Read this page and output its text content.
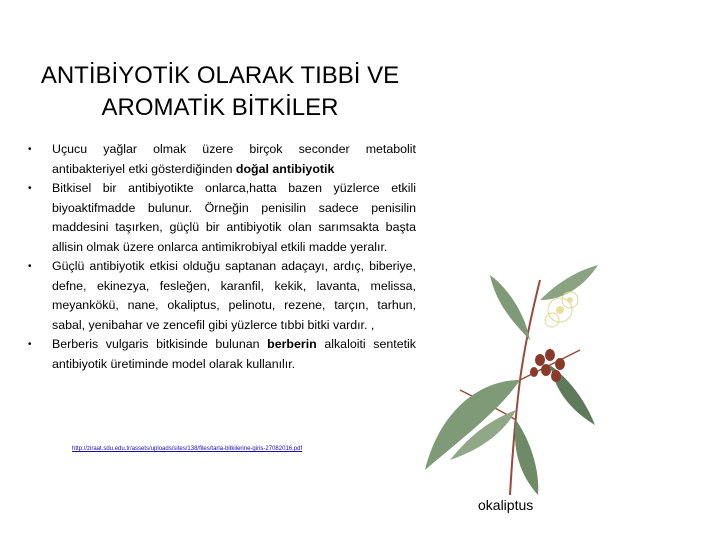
ANTİBİYOTİK OLARAK TIBBİ VE
AROMATİK BİTKİLER
• Uçucu yağlar olmak üzere birçok seconder metabolit antibakteriyel etki gösterdiğinden doğal antibiyotik
• Bitkisel bir antibiyotikte onlarca,hatta bazen yüzlerce etkili biyoaktifmadde bulunur. Örneğin penisilin sadece penisilin maddesini taşırken, güçlü bir antibiyotik olan sarımsakta başta allisin olmak üzere onlarca antimikrobiyal etkili madde yeralır.
• Güçlü antibiyotik etkisi olduğu saptanan adaçayı, ardıç, biberiye, defne, ekinezya, fesleğen, karanfil, kekik, lavanta, melissa, meyankökü, nane, okaliptus, pelinotu, rezene, tarçın, tarhun, sabal, yenibahar ve zencefil gibi yüzlerce tıbbi bitki vardır. ,
• Berberis vulgaris bitkisinde bulunan berberin alkaloiti sentetik antibiyotik üretiminde model olarak kullanılır.
http://ziraat.sdu.edu.tr/assets/uploads/sites/138/files/tarla-bitkilerine-giris-27082016.pdf
okaliptus
